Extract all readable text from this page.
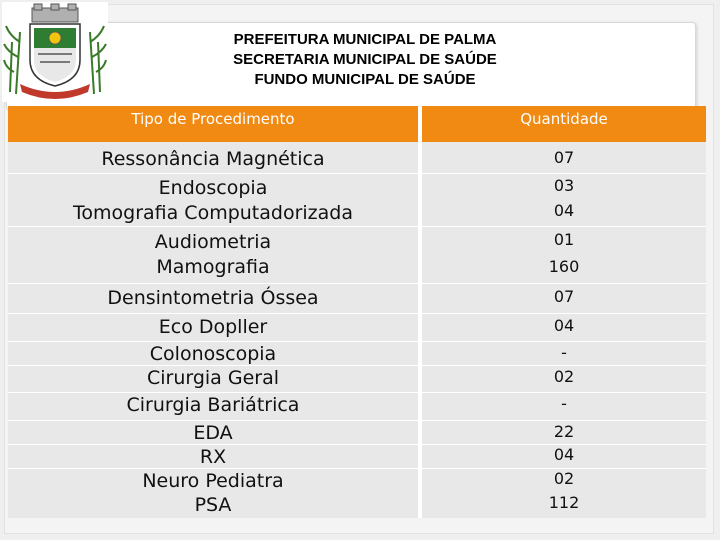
PREFEITURA MUNICIPAL DE PALMA
SECRETARIA MUNICIPAL DE SAÚDE
FUNDO MUNICIPAL DE SAÚDE
Tipo de Procedimento	Quantidade
Ressonância Magnética
Endoscopia
Tomografia Computadorizada
Audiometria
Mamografia
Densintometria Óssea
Eco Dopller
Colonoscopia
Cirurgia Geral
Cirurgia Bariátrica
EDA
RX
Neuro Pediatra
PSA
07
03
04
01
160
07
04
-
02
-
22
04
02
112
